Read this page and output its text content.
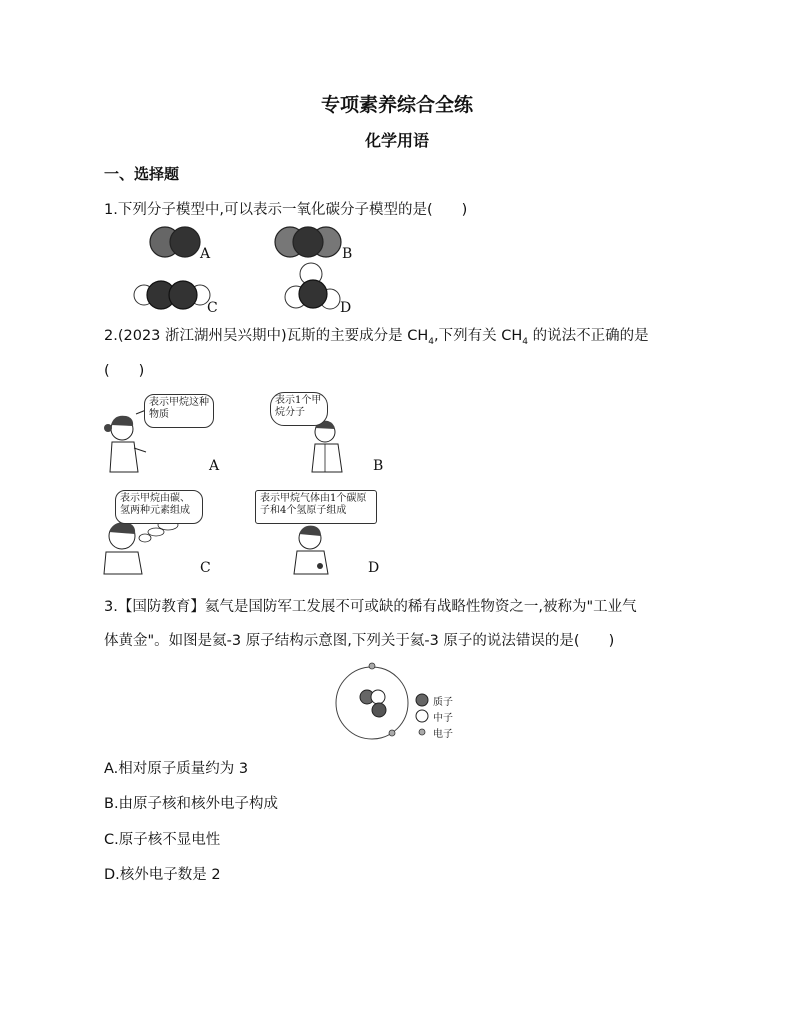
专项素养综合全练
化学用语
一、选择题
1.下列分子模型中,可以表示一氧化碳分子模型的是(　　)
A	B
C	D
2.(2023 浙江湖州吴兴期中)瓦斯的主要成分是 $CH_4$,下列有关 $CH_4$ 的说法不正确的是
(　　)
表示甲烷这种物质
表示1个甲烷分子
表示甲烷由碳、氢两种元素组成
表示甲烷气体由1个碳原子和4个氢原子组成
A	B
C	D
3.【国防教育】氦气是国防军工发展不可或缺的稀有战略性物资之一,被称为"工业气
体黄金"。如图是氦-3 原子结构示意图,下列关于氦-3 原子的说法错误的是(　　)
质子
中子
电子
A.相对原子质量约为 3
B.由原子核和核外电子构成
C.原子核不显电性
D.核外电子数是 2
